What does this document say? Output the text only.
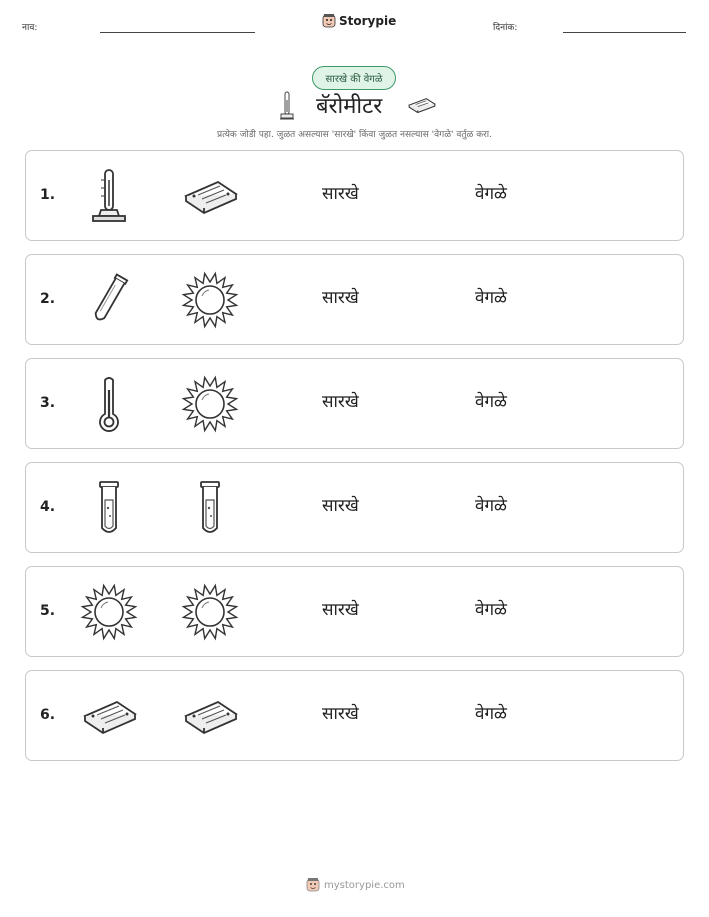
नाव:	Storypie	दिनांक:
सारखे की वेगळे
बॅरोमीटर
प्रत्येक जोडी पहा. जुळत असल्यास 'सारखे' किंवा जुळत नसल्यास 'वेगळे' वर्तुळ करा.
1.	सारखे	वेगळे
2.	सारखे	वेगळे
3.	सारखे	वेगळे
4.	सारखे	वेगळे
5.	सारखे	वेगळे
6.	सारखे	वेगळे
mystorypie.com
